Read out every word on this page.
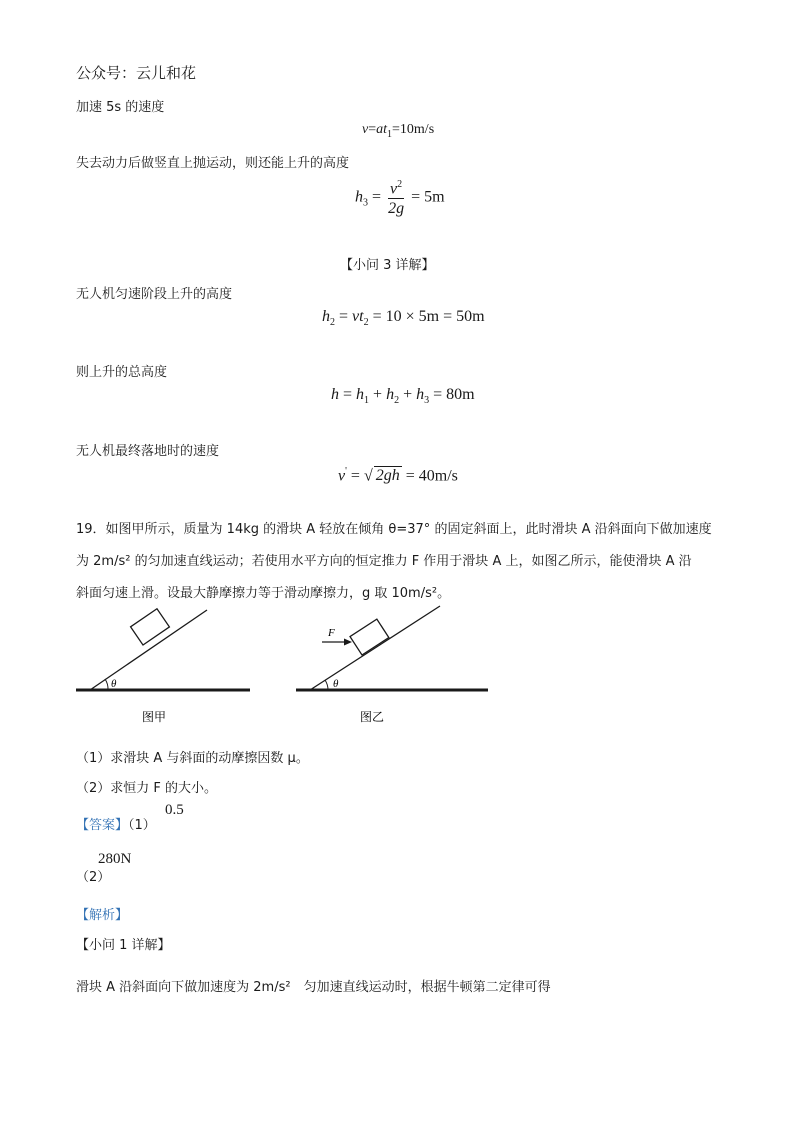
公众号：云儿和花
加速 5s 的速度
$v=at_1=10m/s$
失去动力后做竖直上抛运动，则还能上升的高度
$h_3 = \frac{v^2}{2g} = 5m$
【小问 3 详解】
无人机匀速阶段上升的高度
$h_2 = vt_2 = 10 \times 5m = 50m$
则上升的总高度
$h = h_1 + h_2 + h_3 = 80m$
无人机最终落地时的速度
v' = √ 2gh = 40m/s
19．如图甲所示，质量为 14kg 的滑块 A 轻放在倾角 θ=37° 的固定斜面上，此时滑块 A 沿斜面向下做加速度
为 2m/s² 的匀加速直线运动；若使用水平方向的恒定推力 F 作用于滑块 A 上，如图乙所示，能使滑块 A 沿
斜面匀速上滑。设最大静摩擦力等于滑动摩擦力，g 取 10m/s²。
θ	θ
F
图甲	图乙
（1）求滑块 A 与斜面的动摩擦因数 μ。
（2）求恒力 F 的大小。
【答案】（1）
0.5
（2）
280N
【解析】
【小问 1 详解】
滑块 A 沿斜面向下做加速度为 2m/s²　匀加速直线运动时，根据牛顿第二定律可得
